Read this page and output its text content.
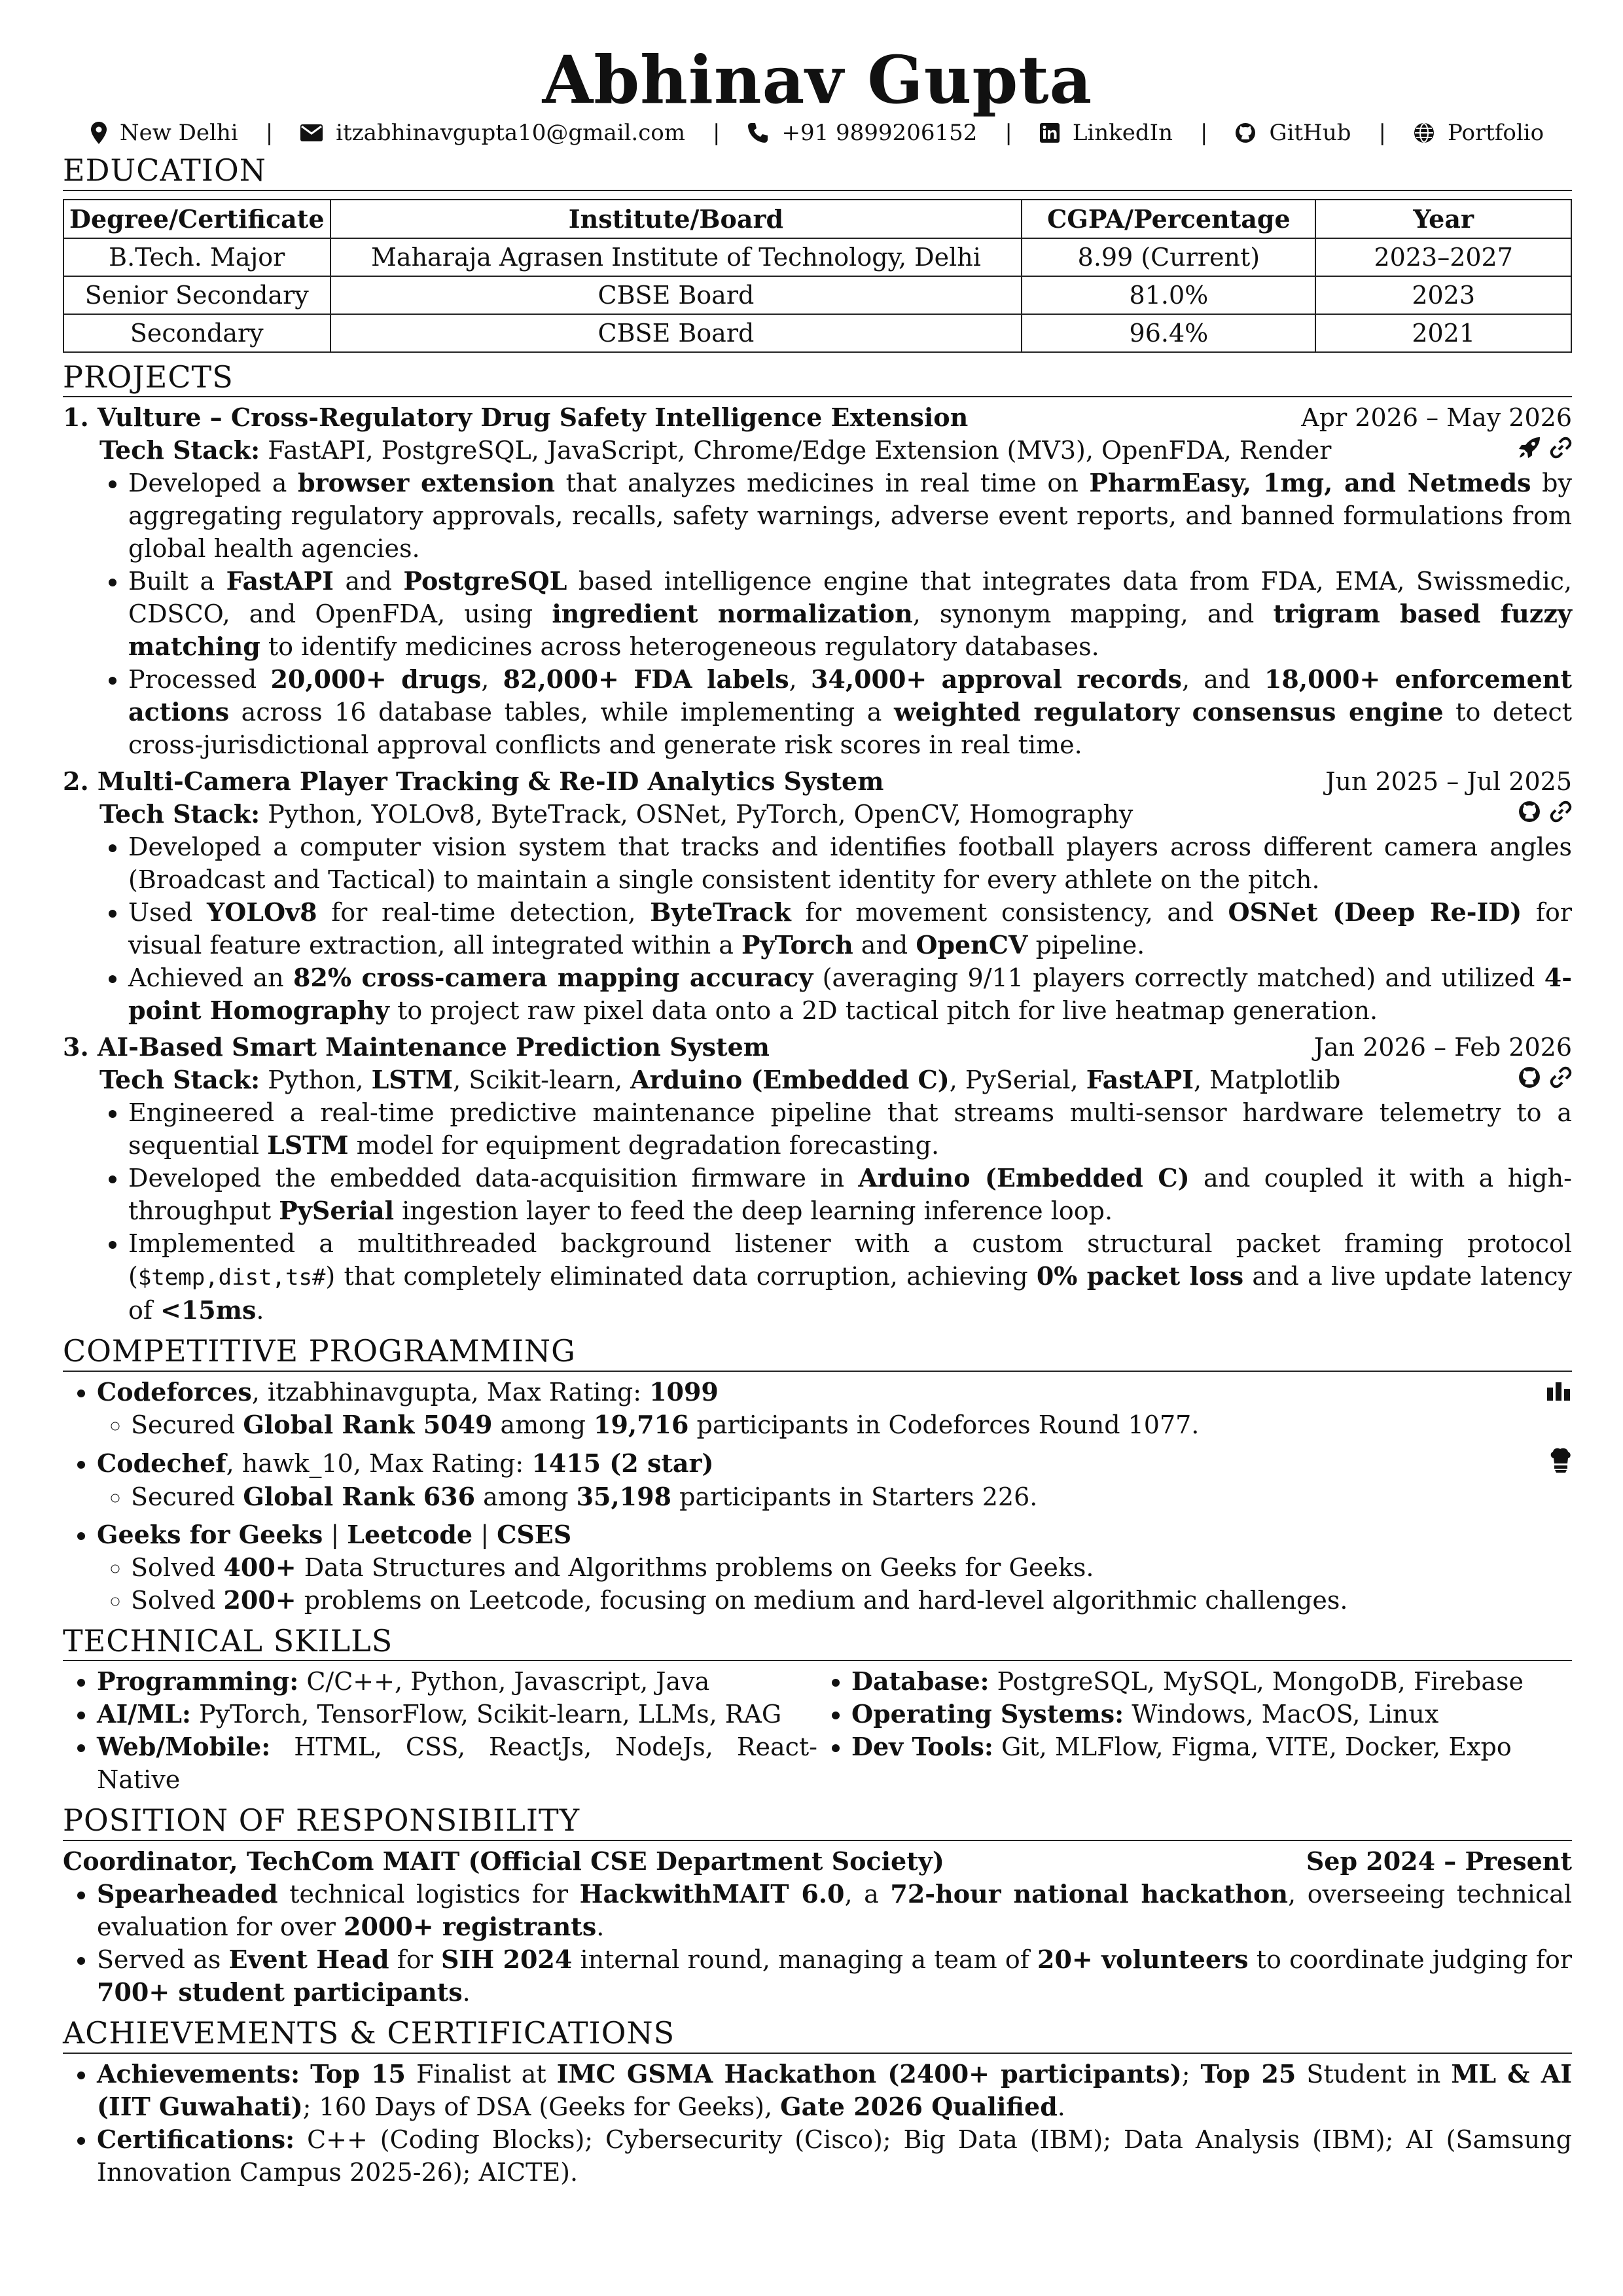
Abhinav Gupta
New Delhi |	itzabhinavgupta10@gmail.com |	+91 9899206152 |	LinkedIn |	GitHub |	Portfolio
EDUCATION
Degree/Certificate	Institute/Board	CGPA/Percentage	Year
B.Tech. Major	Maharaja Agrasen Institute of Technology, Delhi	8.99 (Current)	2023–2027
Senior Secondary	CBSE Board	81.0%	2023
Secondary	CBSE Board	96.4%	2021
PROJECTS
1. Vulture – Cross-Regulatory Drug Safety Intelligence Extension	Apr 2026 – May 2026
Tech Stack: FastAPI, PostgreSQL, JavaScript, Chrome/Edge Extension (MV3), OpenFDA, Render
• Developed a browser extension that analyzes medicines in real time on PharmEasy, 1mg, and Netmeds by aggregating regulatory approvals, recalls, safety warnings, adverse event reports, and banned formulations from global health agencies.
• Built a FastAPI and PostgreSQL based intelligence engine that integrates data from FDA, EMA, Swissmedic, CDSCO, and OpenFDA, using ingredient normalization, synonym mapping, and trigram based fuzzy matching to identify medicines across heterogeneous regulatory databases.
• Processed 20,000+ drugs, 82,000+ FDA labels, 34,000+ approval records, and 18,000+ enforcement actions across 16 database tables, while implementing a weighted regulatory consensus engine to detect cross-jurisdictional approval conflicts and generate risk scores in real time.
2. Multi-Camera Player Tracking & Re-ID Analytics System	Jun 2025 – Jul 2025
Tech Stack: Python, YOLOv8, ByteTrack, OSNet, PyTorch, OpenCV, Homography
• Developed a computer vision system that tracks and identifies football players across different camera angles (Broadcast and Tactical) to maintain a single consistent identity for every athlete on the pitch.
• Used YOLOv8 for real-time detection, ByteTrack for movement consistency, and OSNet (Deep Re-ID) for visual feature extraction, all integrated within a PyTorch and OpenCV pipeline.
• Achieved an 82% cross-camera mapping accuracy (averaging 9/11 players correctly matched) and utilized 4-point Homography to project raw pixel data onto a 2D tactical pitch for live heatmap generation.
3. AI-Based Smart Maintenance Prediction System	Jan 2026 – Feb 2026
Tech Stack: Python, LSTM, Scikit-learn, Arduino (Embedded C), PySerial, FastAPI, Matplotlib
• Engineered a real-time predictive maintenance pipeline that streams multi-sensor hardware telemetry to a sequential LSTM model for equipment degradation forecasting.
• Developed the embedded data-acquisition firmware in Arduino (Embedded C) and coupled it with a high-throughput PySerial ingestion layer to feed the deep learning inference loop.
• Implemented a multithreaded background listener with a custom structural packet framing protocol ($temp,dist,ts#) that completely eliminated data corruption, achieving 0% packet loss and a live update latency of <15ms.
COMPETITIVE PROGRAMMING
• Codeforces, itzabhinavgupta, Max Rating: 1099
◦ Secured Global Rank 5049 among 19,716 participants in Codeforces Round 1077.
• Codechef, hawk_10, Max Rating: 1415 (2 star)
◦ Secured Global Rank 636 among 35,198 participants in Starters 226.
• Geeks for Geeks | Leetcode | CSES
◦ Solved 400+ Data Structures and Algorithms problems on Geeks for Geeks.
◦ Solved 200+ problems on Leetcode, focusing on medium and hard-level algorithmic challenges.
TECHNICAL SKILLS
• Programming: C/C++, Python, Javascript, Java
• AI/ML: PyTorch, TensorFlow, Scikit-learn, LLMs, RAG
• Web/Mobile: HTML, CSS, ReactJs, NodeJs, React-Native
• Database: PostgreSQL, MySQL, MongoDB, Firebase
• Operating Systems: Windows, MacOS, Linux
• Dev Tools: Git, MLFlow, Figma, VITE, Docker, Expo
POSITION OF RESPONSIBILITY
Coordinator, TechCom MAIT (Official CSE Department Society)	Sep 2024 – Present
• Spearheaded technical logistics for HackwithMAIT 6.0, a 72-hour national hackathon, overseeing technical evaluation for over 2000+ registrants.
• Served as Event Head for SIH 2024 internal round, managing a team of 20+ volunteers to coordinate judging for 700+ student participants.
ACHIEVEMENTS & CERTIFICATIONS
• Achievements: Top 15 Finalist at IMC GSMA Hackathon (2400+ participants); Top 25 Student in ML & AI (IIT Guwahati); 160 Days of DSA (Geeks for Geeks), Gate 2026 Qualified.
• Certifications: C++ (Coding Blocks); Cybersecurity (Cisco); Big Data (IBM); Data Analysis (IBM); AI (Samsung Innovation Campus 2025-26); AICTE).
